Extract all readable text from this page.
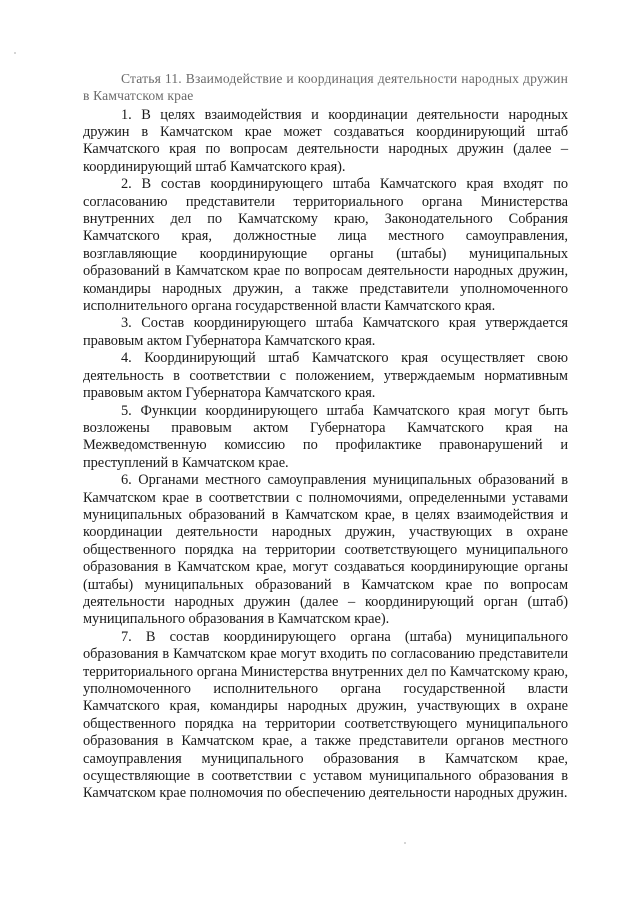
Статья 11. Взаимодействие и координация деятельности народных дружин в Камчатском крае

1. В целях взаимодействия и координации деятельности народных дружин в Камчатском крае может создаваться координирующий штаб Камчатского края по вопросам деятельности народных дружин (далее – координирующий штаб Камчатского края).

2. В состав координирующего штаба Камчатского края входят по согласованию представители территориального органа Министерства внутренних дел по Камчатскому краю, Законодательного Собрания Камчатского края, должностные лица местного самоуправления, возглавляющие координирующие органы (штабы) муниципальных образований в Камчатском крае по вопросам деятельности народных дружин, командиры народных дружин, а также представители уполномоченного исполнительного органа государственной власти Камчатского края.

3. Состав координирующего штаба Камчатского края утверждается правовым актом Губернатора Камчатского края.

4. Координирующий штаб Камчатского края осуществляет свою деятельность в соответствии с положением, утверждаемым нормативным правовым актом Губернатора Камчатского края.

5. Функции координирующего штаба Камчатского края могут быть возложены правовым актом Губернатора Камчатского края на Межведомственную комиссию по профилактике правонарушений и преступлений в Камчатском крае.

6. Органами местного самоуправления муниципальных образований в Камчатском крае в соответствии с полномочиями, определенными уставами муниципальных образований в Камчатском крае, в целях взаимодействия и координации деятельности народных дружин, участвующих в охране общественного порядка на территории соответствующего муниципального образования в Камчатском крае, могут создаваться координирующие органы (штабы) муниципальных образований в Камчатском крае по вопросам деятельности народных дружин (далее – координирующий орган (штаб) муниципального образования в Камчатском крае).

7. В состав координирующего органа (штаба) муниципального образования в Камчатском крае могут входить по согласованию представители территориального органа Министерства внутренних дел по Камчатскому краю, уполномоченного исполнительного органа государственной власти Камчатского края, командиры народных дружин, участвующих в охране общественного порядка на территории соответствующего муниципального образования в Камчатском крае, а также представители органов местного самоуправления муниципального образования в Камчатском крае, осуществляющие в соответствии с уставом муниципального образования в Камчатском крае полномочия по обеспечению деятельности народных дружин.
